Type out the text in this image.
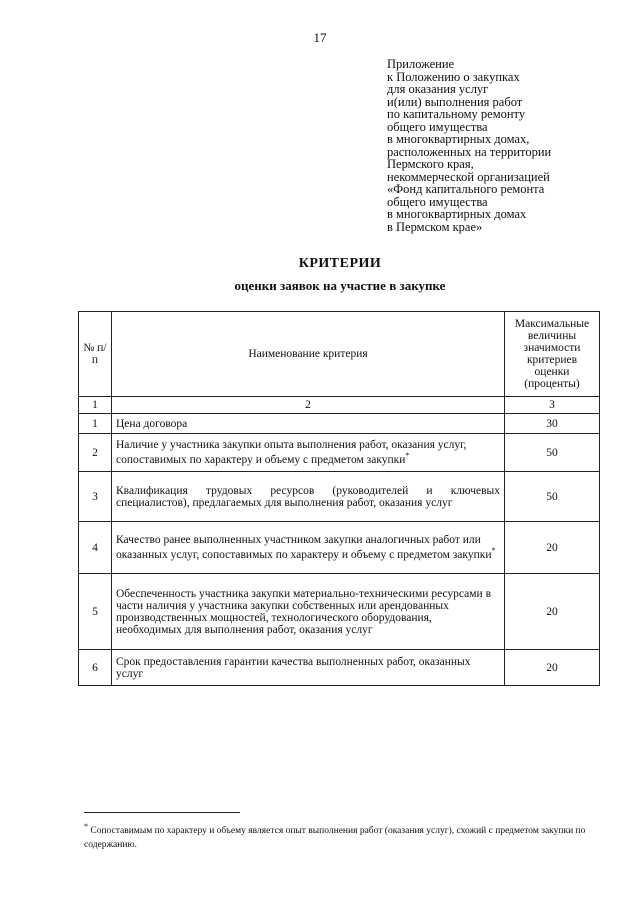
17
Приложение
к Положению о закупках
для оказания услуг
и(или) выполнения работ
по капитальному ремонту
общего имущества
в многоквартирных домах,
расположенных на территории
Пермского края,
некоммерческой организацией
«Фонд капитального ремонта
общего имущества
в многоквартирных домах
в Пермском крае»
КРИТЕРИИ
оценки заявок на участие в закупке
№ п/п	Наименование критерия	Максимальные величины значимости критериев оценки (проценты)
1	2	3
1	Цена договора	30
2	Наличие у участника закупки опыта выполнения работ, оказания услуг, сопоставимых по характеру и объему с предметом закупки*	50
3	Квалификация трудовых ресурсов (руководителей и ключевых специалистов), предлагаемых для выполнения работ, оказания услуг	50
4	Качество ранее выполненных участником закупки аналогичных работ или оказанных услуг, сопоставимых по характеру и объему с предметом закупки*	20
5	Обеспеченность участника закупки материально-техническими ресурсами в части наличия у участника закупки собственных или арендованных производственных мощностей, технологического оборудования, необходимых для выполнения работ, оказания услуг	20
6	Срок предоставления гарантии качества выполненных работ, оказанных услуг	20
* Сопоставимым по характеру и объему является опыт выполнения работ (оказания услуг), схожий с предметом закупки по содержанию.
